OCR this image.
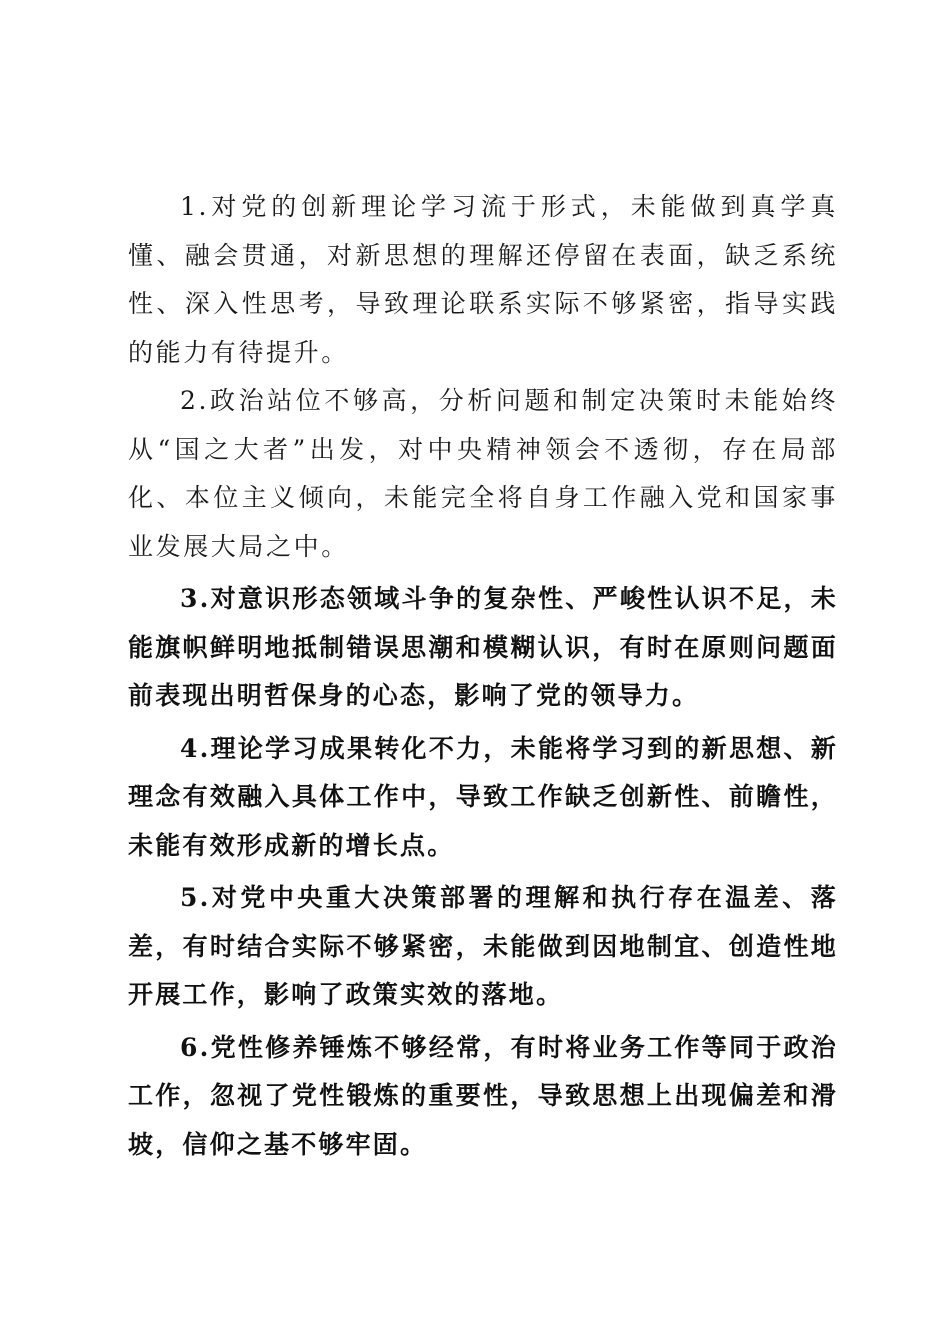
1.对党的创新理论学习流于形式，未能做到真学真懂、融会贯通，对新思想的理解还停留在表面，缺乏系统性、深入性思考，导致理论联系实际不够紧密，指导实践的能力有待提升。

2.政治站位不够高，分析问题和制定决策时未能始终从“国之大者”出发，对中央精神领会不透彻，存在局部化、本位主义倾向，未能完全将自身工作融入党和国家事业发展大局之中。

3.对意识形态领域斗争的复杂性、严峻性认识不足，未能旗帜鲜明地抵制错误思潮和模糊认识，有时在原则问题面前表现出明哲保身的心态，影响了党的领导力。

4.理论学习成果转化不力，未能将学习到的新思想、新理念有效融入具体工作中，导致工作缺乏创新性、前瞻性，未能有效形成新的增长点。

5.对党中央重大决策部署的理解和执行存在温差、落差，有时结合实际不够紧密，未能做到因地制宜、创造性地开展工作，影响了政策实效的落地。

6.党性修养锤炼不够经常，有时将业务工作等同于政治工作，忽视了党性锻炼的重要性，导致思想上出现偏差和滑坡，信仰之基不够牢固。
